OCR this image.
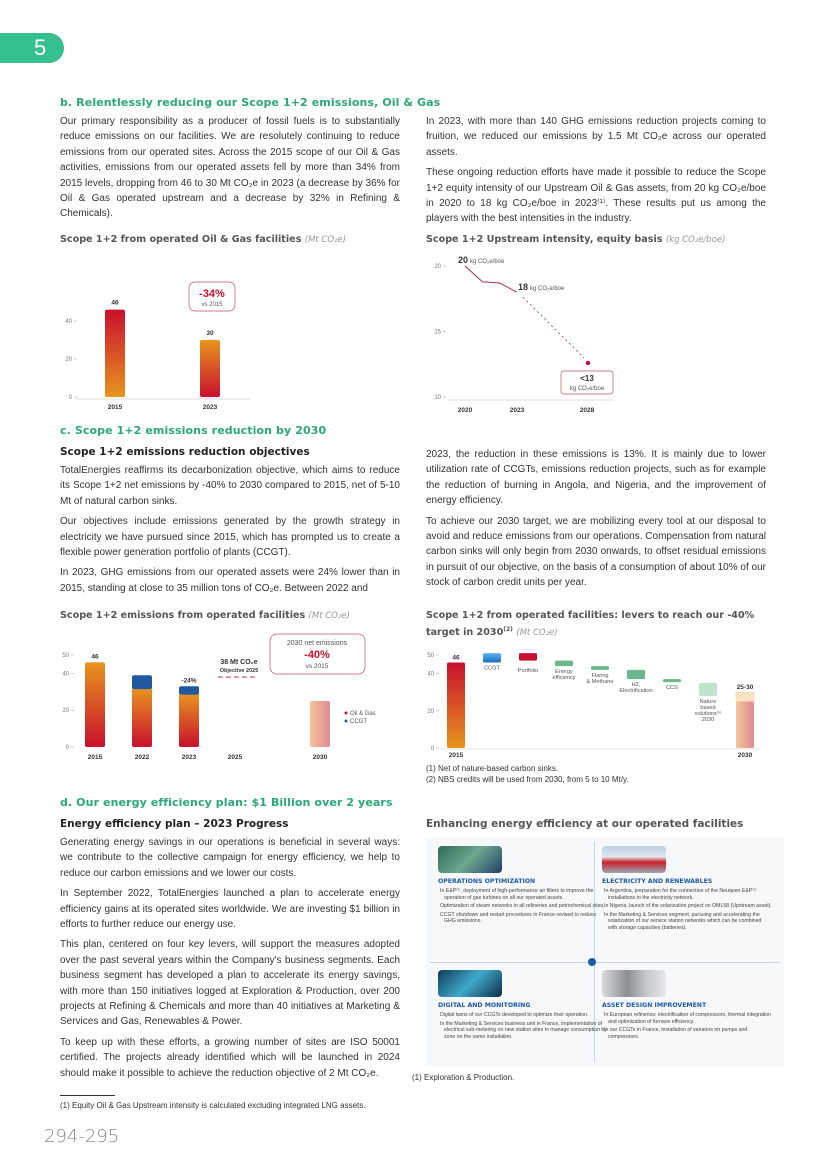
5
b. Relentlessly reducing our Scope 1+2 emissions, Oil & Gas

Our primary responsibility as a producer of fossil fuels is to substantially reduce emissions on our facilities. We are resolutely continuing to reduce emissions from our operated sites. Across the 2015 scope of our Oil & Gas activities, emissions from our operated assets fell by more than 34% from 2015 levels, dropping from 46 to 30 Mt CO₂e in 2023 (a decrease by 36% for Oil & Gas operated upstream and a decrease by 32% in Refining & Chemicals).

In 2023, with more than 140 GHG emissions reduction projects coming to fruition, we reduced our emissions by 1.5 Mt CO₂e across our operated assets.

These ongoing reduction efforts have made it possible to reduce the Scope 1+2 equity intensity of our Upstream Oil & Gas assets, from 20 kg CO₂e/boe in 2020 to 18 kg CO₂e/boe in 2023⁽¹⁾. These results put us among the players with the best intensities in the industry.

Scope 1+2 from operated Oil & Gas facilities (Mt CO₂e)
0
20
40
46
2015
30
2023
-34%
vs 2015
Scope 1+2 Upstream intensity, equity basis (kg CO₂e/boe)
10
15
20
2020	2023	2028
20 kg CO₂e/boe
18 kg CO₂e/boe
<13
kg CO₂e/boe
c. Scope 1+2 emissions reduction by 2030
Scope 1+2 emissions reduction objectives

TotalEnergies reaffirms its decarbonization objective, which aims to reduce its Scope 1+2 net emissions by -40% to 2030 compared to 2015, net of 5-10 Mt of natural carbon sinks.

Our objectives include emissions generated by the growth strategy in electricity we have pursued since 2015, which has prompted us to create a flexible power generation portfolio of plants (CCGT).

In 2023, GHG emissions from our operated assets were 24% lower than in 2015, standing at close to 35 million tons of CO₂e. Between 2022 and

2023, the reduction in these emissions is 13%. It is mainly due to lower utilization rate of CCGTs, emissions reduction projects, such as for example the reduction of burning in Angola, and Nigeria, and the improvement of energy efficiency.

To achieve our 2030 target, we are mobilizing every tool at our disposal to avoid and reduce emissions from our operations. Compensation from natural carbon sinks will only begin from 2030 onwards, to offset residual emissions in pursuit of our objective, on the basis of a consumption of about 10% of our stock of carbon credit units per year.

Scope 1+2 emissions from operated facilities (Mt CO₂e)
0
20
40
50
2015
46
2022	2023
-24%
2025	2030
38 Mt CO₂e
Objective 2025
2030 net emissions
-40%
vs 2015
Oil & Gas
CCGT
Scope 1+2 from operated facilities: levers to reach our -40% target in 2030$^{(2)}$ (Mt CO₂e)
0
20
40
50	46
2015
CCGT	Portfolio	Energy efficiency	Flaring & Methane
H2, Electrification
CCS
Nature based solutions⁽¹⁾ 2030
25-30
2030
(1) Net of nature-based carbon sinks.
(2) NBS credits will be used from 2030, from 5 to 10 Mt/y.
d. Our energy efficiency plan: $1 Billion over 2 years
Energy efficiency plan – 2023 Progress

Generating energy savings in our operations is beneficial in several ways: we contribute to the collective campaign for energy efficiency, we help to reduce our carbon emissions and we lower our costs.

In September 2022, TotalEnergies launched a plan to accelerate energy efficiency gains at its operated sites worldwide. We are investing $1 billion in efforts to further reduce our energy use.

This plan, centered on four key levers, will support the measures adopted over the past several years within the Company's business segments. Each business segment has developed a plan to accelerate its energy savings, with more than 150 initiatives logged at Exploration & Production, over 200 projects at Refining & Chemicals and more than 40 initiatives at Marketing & Services and Gas, Renewables & Power.

To keep up with these efforts, a growing number of sites are ISO 50001 certified. The projects already identified which will be launched in 2024 should make it possible to achieve the reduction objective of 2 Mt CO₂e.

Enhancing energy efficiency at our operated facilities
OPERATIONS OPTIMIZATION
In E&P⁽¹⁾, deployment of high-performance air filters to improve the operation of gas turbines on all our operated assets.
Optimization of steam networks in all refineries and petrochemical sites.
CCGT shutdown and restart procedures in France revised to reduce GHG emissions.
ELECTRICITY AND RENEWABLES
In Argentina, preparation for the connection of the Neuquen E&P⁽¹⁾ installations to the electricity network.
In Nigeria, launch of the solarization project on OML58 (Upstream asset).
In the Marketing & Services segment, pursuing and accelerating the solarization of our service station networks which can be combined with storage capacities (batteries).
DIGITAL AND MONITORING
Digital twins of our CCGTs developed to optimize their operation.
In the Marketing & Services business unit in France, implementation of electrical sub-metering on new station sites to manage consumption by zone on the same installation.
ASSET DESIGN IMPROVEMENT
In European refineries: electrification of compressors, thermal integration and optimization of furnace efficiency.
In our CCGTs in France, installation of variators on pumps and compressors.
(1) Exploration & Production.
(1) Equity Oil & Gas Upstream intensity is calculated excluding integrated LNG assets.
294-295
